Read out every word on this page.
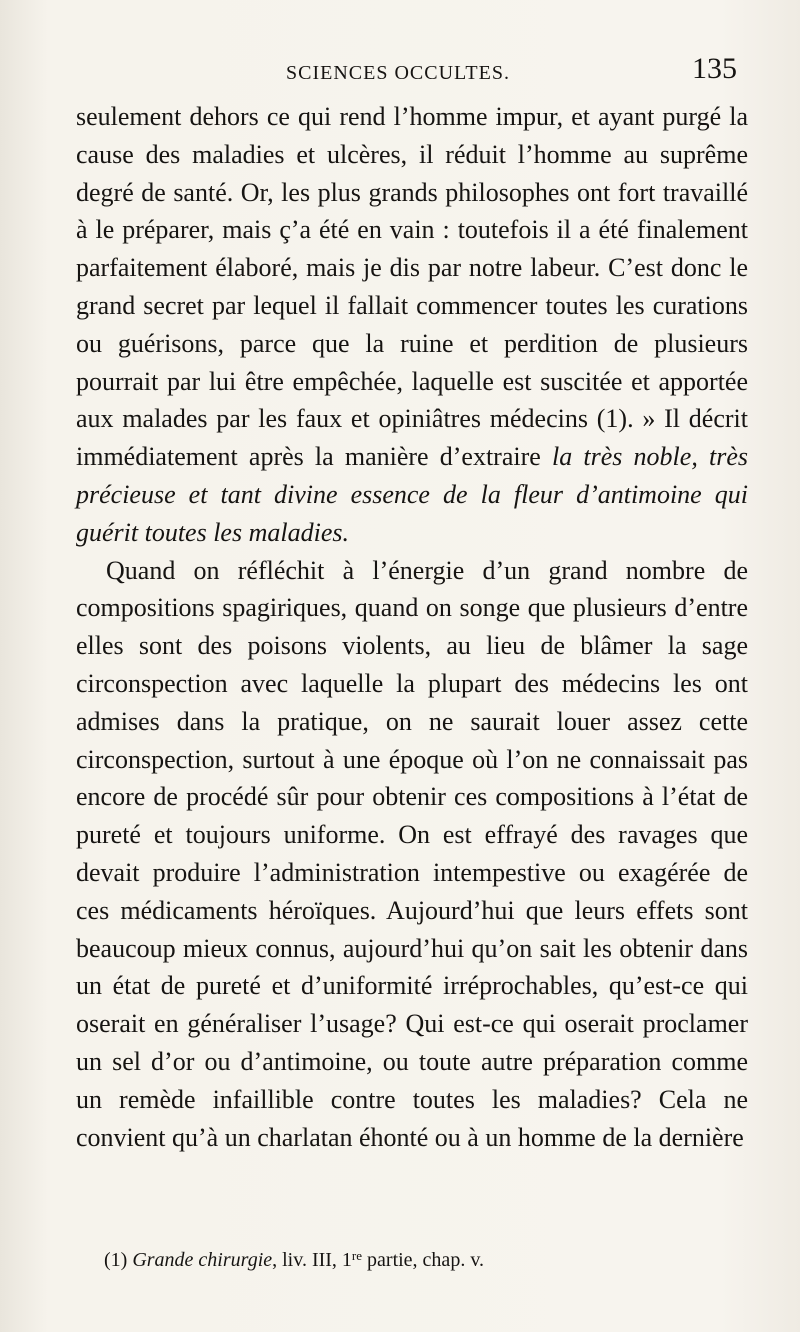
SCIENCES OCCULTES.	135

seulement dehors ce qui rend l’homme impur, et ayant purgé la cause des maladies et ulcères, il réduit l’homme au suprême degré de santé. Or, les plus grands philosophes ont fort travaillé à le préparer, mais ç’a été en vain : toutefois il a été finalement parfaitement élaboré, mais je dis par notre labeur. C’est donc le grand secret par lequel il fallait commencer toutes les curations ou guérisons, parce que la ruine et perdition de plusieurs pourrait par lui être empêchée, laquelle est suscitée et apportée aux malades par les faux et opiniâtres médecins (1). » Il décrit immédiatement après la manière d’extraire la très noble, très précieuse et tant divine essence de la fleur d’antimoine qui guérit toutes les maladies.

Quand on réfléchit à l’énergie d’un grand nombre de compositions spagiriques, quand on songe que plusieurs d’entre elles sont des poisons violents, au lieu de blâmer la sage circonspection avec laquelle la plupart des médecins les ont admises dans la pratique, on ne saurait louer assez cette circonspection, surtout à une époque où l’on ne connaissait pas encore de procédé sûr pour obtenir ces compositions à l’état de pureté et toujours uniforme. On est effrayé des ravages que devait produire l’administration intempestive ou exagérée de ces médicaments héroïques. Aujourd’hui que leurs effets sont beaucoup mieux connus, aujourd’hui qu’on sait les obtenir dans un état de pureté et d’uniformité irréprochables, qu’est-ce qui oserait en généraliser l’usage? Qui est-ce qui oserait proclamer un sel d’or ou d’antimoine, ou toute autre préparation comme un remède infaillible contre toutes les maladies? Cela ne convient qu’à un charlatan éhonté ou à un homme de la dernière

(1) Grande chirurgie, liv. III, 1re partie, chap. v.
